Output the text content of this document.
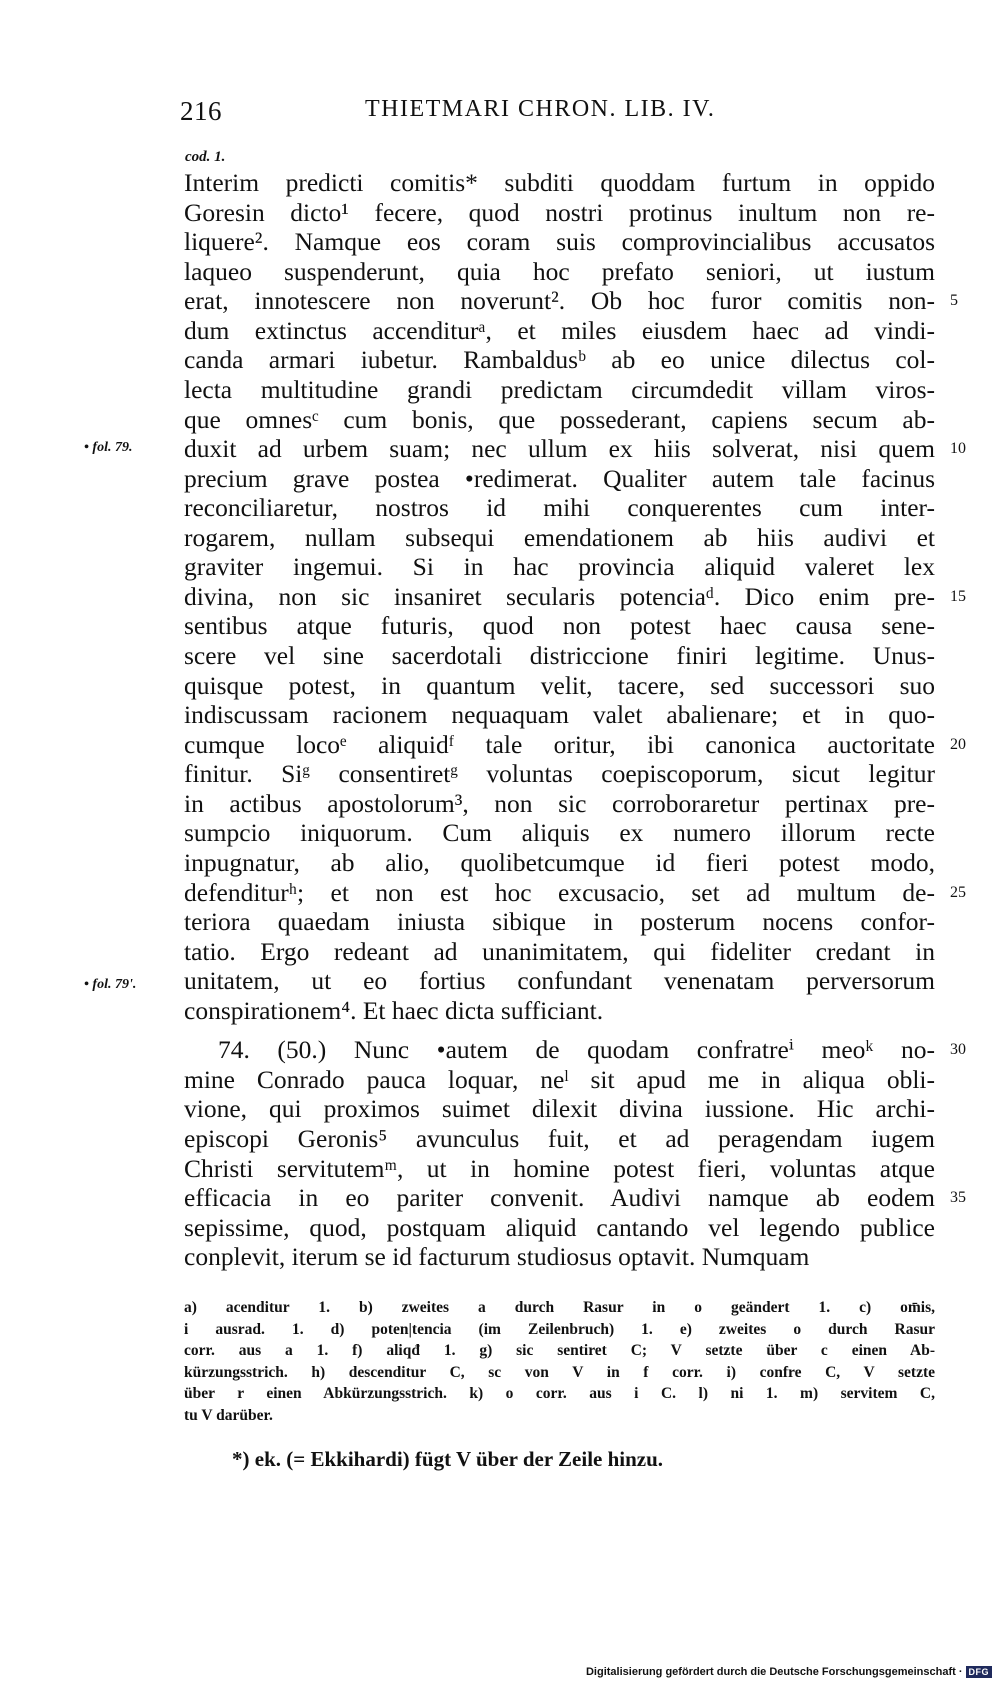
216	THIETMARI CHRON. LIB. IV.
cod. 1.
• fol. 79.
• fol. 79'.
Interim predicti comitis* subditi quoddam furtum in oppido
Goresin dicto¹ fecere, quod nostri protinus inultum non re-
liquere². Namque eos coram suis comprovincialibus accusatos
laqueo suspenderunt, quia hoc prefato seniori, ut iustum
erat, innotescere non noverunt². Ob hoc furor comitis non- 5
dum extinctus accenditurᵃ, et miles eiusdem haec ad vindi-
canda armari iubetur. Rambaldusᵇ ab eo unice dilectus col-
lecta multitudine grandi predictam circumdedit villam viros-
que omnesᶜ cum bonis, que possederant, capiens secum ab-
duxit ad urbem suam; nec ullum ex hiis solverat, nisi quem 10
precium grave postea •redimerat. Qualiter autem tale facinus
reconciliaretur, nostros id mihi conquerentes cum inter-
rogarem, nullam subsequi emendationem ab hiis audivi et
graviter ingemui. Si in hac provincia aliquid valeret lex
divina, non sic insaniret secularis potenciaᵈ. Dico enim pre- 15
sentibus atque futuris, quod non potest haec causa sene-
scere vel sine sacerdotali districcione finiri legitime. Unus-
quisque potest, in quantum velit, tacere, sed successori suo
indiscussam racionem nequaquam valet abalienare; et in quo-
cumque locoᵉ aliquidᶠ tale oritur, ibi canonica auctoritate 20
finitur. Siᵍ consentiretᵍ voluntas coepiscoporum, sicut legitur
in actibus apostolorum³, non sic corroboraretur pertinax pre-
sumpcio iniquorum. Cum aliquis ex numero illorum recte
inpugnatur, ab alio, quolibetcumque id fieri potest modo,
defenditurʰ; et non est hoc excusacio, set ad multum de- 25
teriora quaedam iniusta sibique in posterum nocens confor-
tatio. Ergo redeant ad unanimitatem, qui fideliter credant in
unitatem, ut eo fortius confundant venenatam perversorum
conspirationem⁴. Et haec dicta sufficiant.
74. (50.) Nunc •autem de quodam confratreⁱ meoᵏ no- 30
mine Conrado pauca loquar, neˡ sit apud me in aliqua obli-
vione, qui proximos suimet dilexit divina iussione. Hic archi-
episcopi Geronis⁵ avunculus fuit, et ad peragendam iugem
Christi servitutemᵐ, ut in homine potest fieri, voluntas atque
efficacia in eo pariter convenit. Audivi namque ab eodem 35
sepissime, quod, postquam aliquid cantando vel legendo publice
conplevit, iterum se id facturum studiosus optavit. Numquam
a) acenditur 1. b) zweites a durch Rasur in o geändert 1. c) om̄is,
i ausrad. 1. d) poten|tencia (im Zeilenbruch) 1. e) zweites o durch Rasur
corr. aus a 1. f) aliqđ 1. g) sic sentiret C; V setzte über c einen Ab-
kürzungsstrich. h) descenditur C, sc von V in f corr. i) confre C, V setzte
über r einen Abkürzungsstrich. k) o corr. aus i C. l) ni 1. m) servitem C,
tu V darüber.
*) ek. (= Ekkihardi) fügt V über der Zeile hinzu.
Digitalisierung gefördert durch die Deutsche Forschungsgemeinschaft · DFG
